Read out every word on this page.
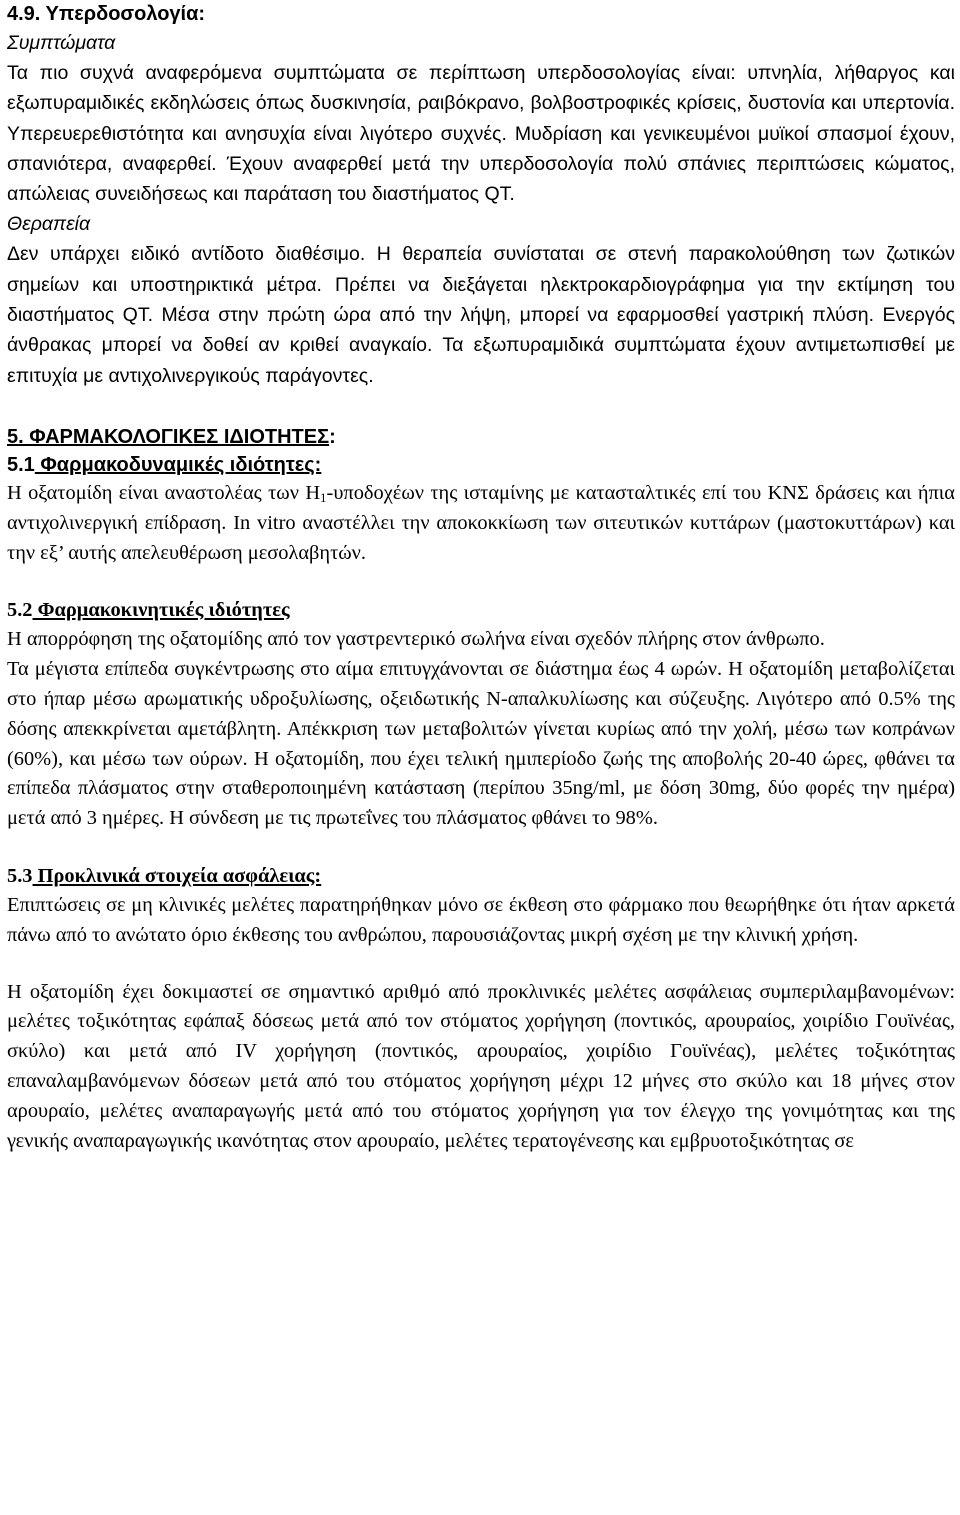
4.9. Υπερδοσολογία:

Συμπτώματα

Τα πιο συχνά αναφερόμενα συμπτώματα σε περίπτωση υπερδοσολογίας είναι: υπνηλία, λήθαργος και εξωπυραμιδικές εκδηλώσεις όπως δυσκινησία, ραιβόκρανο, βολβοστροφικές κρίσεις, δυστονία και υπερτονία. Υπερευερεθιστότητα και ανησυχία είναι λιγότερο συχνές. Μυδρίαση και γενικευμένοι μυϊκοί σπασμοί έχουν, σπανιότερα, αναφερθεί. Έχουν αναφερθεί μετά την υπερδοσολογία πολύ σπάνιες περιπτώσεις κώματος, απώλειας συνειδήσεως και παράταση του διαστήματος QT.

Θεραπεία

Δεν υπάρχει ειδικό αντίδοτο διαθέσιμο. Η θεραπεία συνίσταται σε στενή παρακολούθηση των ζωτικών σημείων και υποστηρικτικά μέτρα. Πρέπει να διεξάγεται ηλεκτροκαρδιογράφημα για την εκτίμηση του διαστήματος QT. Μέσα στην πρώτη ώρα από την λήψη, μπορεί να εφαρμοσθεί γαστρική πλύση. Ενεργός άνθρακας μπορεί να δοθεί αν κριθεί αναγκαίο. Τα εξωπυραμιδικά συμπτώματα έχουν αντιμετωπισθεί με επιτυχία με αντιχολινεργικούς παράγοντες.

5. ΦΑΡΜΑΚΟΛΟΓΙΚΕΣ ΙΔΙΟΤΗΤΕΣ:

5.1 Φαρμακοδυναμικές ιδιότητες:

Η οξατομίδη είναι αναστολέας των $H_1$-υποδοχέων της ισταμίνης με κατασταλτικές επί του ΚΝΣ δράσεις και ήπια αντιχολινεργική επίδραση. In vitro αναστέλλει την αποκοκκίωση των σιτευτικών κυττάρων (μαστοκυττάρων) και την εξ’ αυτής απελευθέρωση μεσολαβητών.

5.2 Φαρμακοκινητικές ιδιότητες

Η απορρόφηση της οξατομίδης από τον γαστρεντερικό σωλήνα είναι σχεδόν πλήρης στον άνθρωπο.

Τα μέγιστα επίπεδα συγκέντρωσης στο αίμα επιτυγχάνονται σε διάστημα έως 4 ωρών. Η οξατομίδη μεταβολίζεται στο ήπαρ μέσω αρωματικής υδροξυλίωσης, οξειδωτικής Ν-απαλκυλίωσης και σύζευξης. Λιγότερο από 0.5% της δόσης απεκκρίνεται αμετάβλητη. Απέκκριση των μεταβολιτών γίνεται κυρίως από την χολή, μέσω των κοπράνων (60%), και μέσω των ούρων. Η οξατομίδη, που έχει τελική ημιπερίοδο ζωής της αποβολής 20-40 ώρες, φθάνει τα επίπεδα πλάσματος στην σταθεροποιημένη κατάσταση (περίπου 35ng/ml, με δόση 30mg, δύο φορές την ημέρα) μετά από 3 ημέρες. Η σύνδεση με τις πρωτεΐνες του πλάσματος φθάνει το 98%.

5.3 Προκλινικά στοιχεία ασφάλειας:

Επιπτώσεις σε μη κλινικές μελέτες παρατηρήθηκαν μόνο σε έκθεση στο φάρμακο που θεωρήθηκε ότι ήταν αρκετά πάνω από το ανώτατο όριο έκθεσης του ανθρώπου, παρουσιάζοντας μικρή σχέση με την κλινική χρήση.

Η οξατομίδη έχει δοκιμαστεί σε σημαντικό αριθμό από προκλινικές μελέτες ασφάλειας συμπεριλαμβανομένων: μελέτες τοξικότητας εφάπαξ δόσεως μετά από τον στόματος χορήγηση (ποντικός, αρουραίος, χοιρίδιο Γουϊνέας, σκύλο) και μετά από IV χορήγηση (ποντικός, αρουραίος, χοιρίδιο Γουϊνέας), μελέτες τοξικότητας επαναλαμβανόμενων δόσεων μετά από του στόματος χορήγηση μέχρι 12 μήνες στο σκύλο και 18 μήνες στον αρουραίο, μελέτες αναπαραγωγής μετά από του στόματος χορήγηση για τον έλεγχο της γονιμότητας και της γενικής αναπαραγωγικής ικανότητας στον αρουραίο, μελέτες τερατογένεσης και εμβρυοτοξικότητας σε
